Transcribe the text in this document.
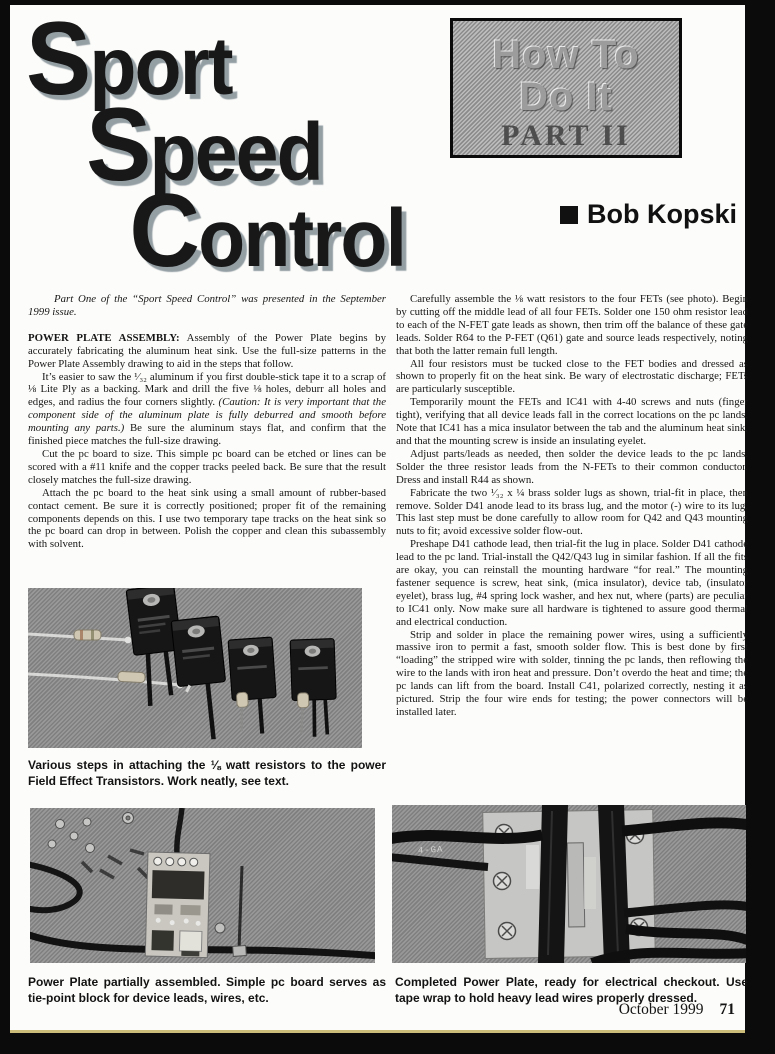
Sport
Speed
Control
How To
Do It
PART II
Bob Kopski

Part One of the “Sport Speed Control” was presented in the September 1999 issue.

POWER PLATE ASSEMBLY: Assembly of the Power Plate begins by accurately fabricating the aluminum heat sink. Use the full-size patterns in the Power Plate Assembly drawing to aid in the steps that follow.

It’s easier to saw the ¹⁄₃₂ aluminum if you first double-stick tape it to a scrap of ⅛ Lite Ply as a backing. Mark and drill the five ⅛ holes, deburr all holes and edges, and radius the four corners slightly. (Caution: It is very important that the component side of the aluminum plate is fully deburred and smooth before mounting any parts.) Be sure the aluminum stays flat, and confirm that the finished piece matches the full-size drawing.

Cut the pc board to size. This simple pc board can be etched or lines can be scored with a #11 knife and the copper tracks peeled back. Be sure that the result closely matches the full-size drawing.

Attach the pc board to the heat sink using a small amount of rubber-based contact cement. Be sure it is correctly positioned; proper fit of the remaining components depends on this. I use two temporary tape tracks on the heat sink so the pc board can drop in between. Polish the copper and clean this subassembly with solvent.

Carefully assemble the ⅛ watt resistors to the four FETs (see photo). Begin by cutting off the middle lead of all four FETs. Solder one 150 ohm resistor lead to each of the N-FET gate leads as shown, then trim off the balance of these gate leads. Solder R64 to the P-FET (Q61) gate and source leads respectively, noting that both the latter remain full length.

All four resistors must be tucked close to the FET bodies and dressed as shown to properly fit on the heat sink. Be wary of electrostatic discharge; FETs are particularly susceptible.

Temporarily mount the FETs and IC41 with 4-40 screws and nuts (finger tight), verifying that all device leads fall in the correct locations on the pc lands. Note that IC41 has a mica insulator between the tab and the aluminum heat sink, and that the mounting screw is inside an insulating eyelet.

Adjust parts/leads as needed, then solder the device leads to the pc lands. Solder the three resistor leads from the N-FETs to their common conductor. Dress and install R44 as shown.

Fabricate the two ¹⁄₃₂ x ¼ brass solder lugs as shown, trial-fit in place, then remove. Solder D41 anode lead to its brass lug, and the motor (-) wire to its lug. This last step must be done carefully to allow room for Q42 and Q43 mounting nuts to fit; avoid excessive solder flow-out.

Preshape D41 cathode lead, then trial-fit the lug in place. Solder D41 cathode lead to the pc land. Trial-install the Q42/Q43 lug in similar fashion. If all the fits are okay, you can reinstall the mounting hardware “for real.” The mounting fastener sequence is screw, heat sink, (mica insulator), device tab, (insulator eyelet), brass lug, #4 spring lock washer, and hex nut, where (parts) are peculiar to IC41 only. Now make sure all hardware is tightened to assure good thermal and electrical conduction.

Strip and solder in place the remaining power wires, using a sufficiently massive iron to permit a fast, smooth solder flow. This is best done by first “loading” the stripped wire with solder, tinning the pc lands, then reflowing the wire to the lands with iron heat and pressure. Don’t overdo the heat and time; the pc lands can lift from the board. Install C41, polarized correctly, nesting it as pictured. Strip the four wire ends for testing; the power connectors will be installed later.

Various steps in attaching the ⅛ watt resistors to the power Field Effect Transistors. Work neatly, see text.

Power Plate partially assembled. Simple pc board serves as tie-point block for device leads, wires, etc.

4-GA

Completed Power Plate, ready for electrical checkout. Use tape wrap to hold heavy lead wires properly dressed.

October 1999 71
